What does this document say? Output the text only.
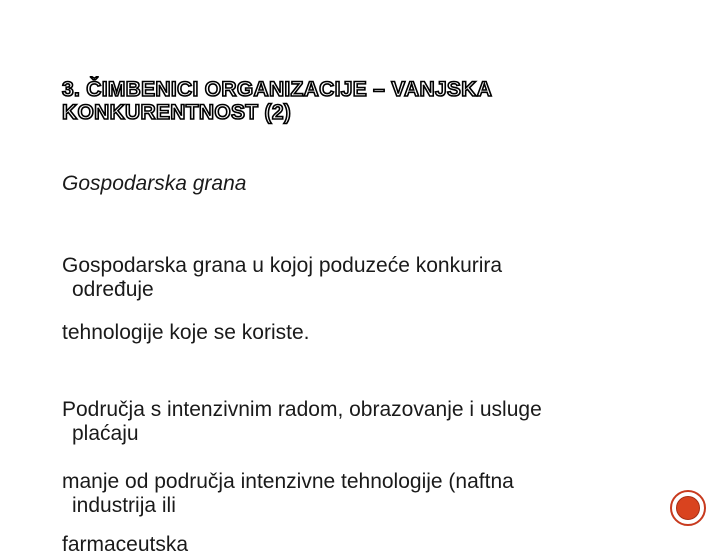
3. ČIMBENICI ORGANIZACIJE – VANJSKA KONKURENTNOST (2)
Gospodarska grana
Gospodarska grana u kojoj poduzeće konkurira
određuje
tehnologije koje se koriste.
Područja s intenzivnim radom, obrazovanje i usluge
plaćaju
manje od područja intenzivne tehnologije (naftna
industrija ili
farmaceutska
